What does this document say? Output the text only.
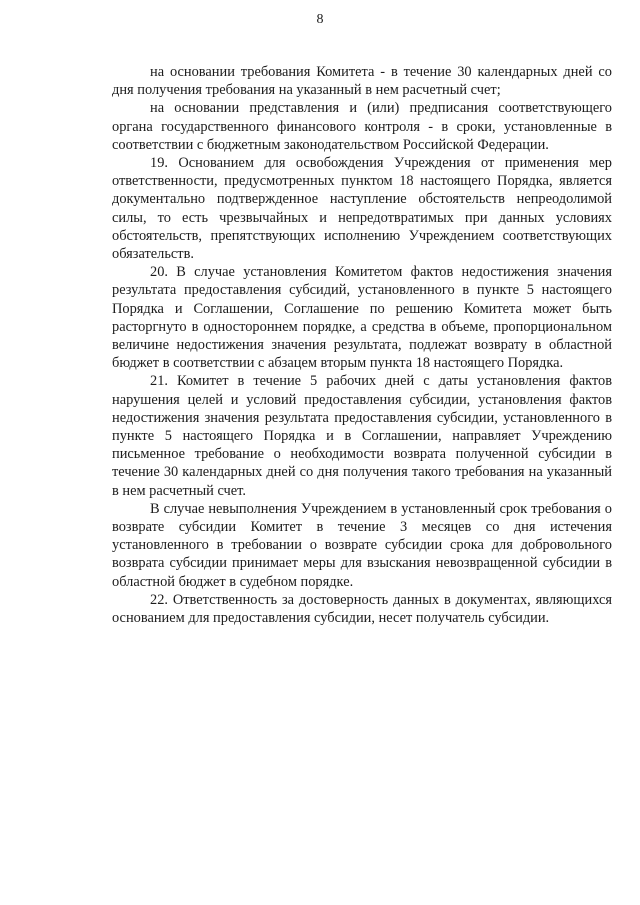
8

на основании требования Комитета - в течение 30 календарных дней со дня получения требования на указанный в нем расчетный счет;

на основании представления и (или) предписания соответствующего органа государственного финансового контроля - в сроки, установленные в соответствии с бюджетным законодательством Российской Федерации.

19. Основанием для освобождения Учреждения от применения мер ответственности, предусмотренных пунктом 18 настоящего Порядка, является документально подтвержденное наступление обстоятельств непреодолимой силы, то есть чрезвычайных и непредотвратимых при данных условиях обстоятельств, препятствующих исполнению Учреждением соответствующих обязательств.

20. В случае установления Комитетом фактов недостижения значения результата предоставления субсидий, установленного в пункте 5 настоящего Порядка и Соглашении, Соглашение по решению Комитета может быть расторгнуто в одностороннем порядке, а средства в объеме, пропорциональном величине недостижения значения результата, подлежат возврату в областной бюджет в соответствии с абзацем вторым пункта 18 настоящего Порядка.

21. Комитет в течение 5 рабочих дней с даты установления фактов нарушения целей и условий предоставления субсидии, установления фактов недостижения значения результата предоставления субсидии, установленного в пункте 5 настоящего Порядка и в Соглашении, направляет Учреждению письменное требование о необходимости возврата полученной субсидии в течение 30 календарных дней со дня получения такого требования на указанный в нем расчетный счет.

В случае невыполнения Учреждением в установленный срок требования о возврате субсидии Комитет в течение 3 месяцев со дня истечения установленного в требовании о возврате субсидии срока для добровольного возврата субсидии принимает меры для взыскания невозвращенной субсидии в областной бюджет в судебном порядке.

22. Ответственность за достоверность данных в документах, являющихся основанием для предоставления субсидии, несет получатель субсидии.
